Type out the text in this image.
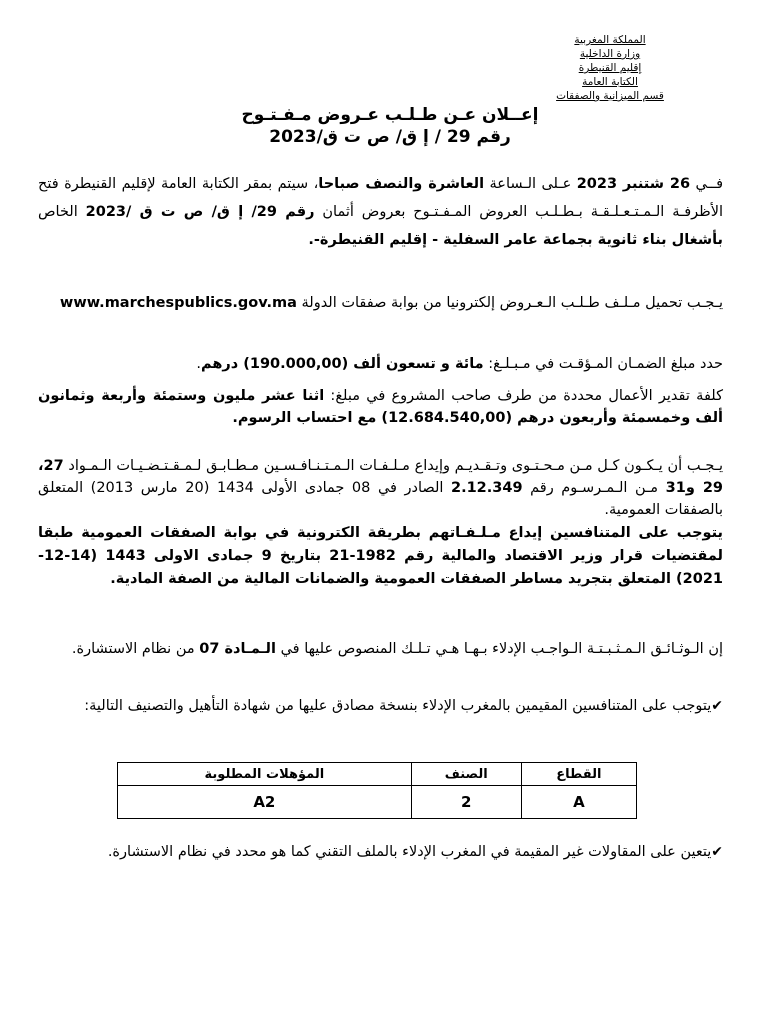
المملكة المغربية
وزارة الداخلية
إقليم القنيطرة
الكتابة العامة
قسم الميزانية والصفقات
إعــلان عـن طـلـب عـروض مـفـتـوح
رقم 29 / إ ق/ ص ت ق/2023
فــي 26 شتنبر 2023 عـلى الـساعة العاشرة والنصف صباحا، سيتم بمقر الكتابة العامة لإقليم القنيطرة فتح الأظرفـة الـمـتـعـلـقـة بـطـلـب العروض المـفـتـوح بعروض أثمان رقم 29/ إ ق/ ص ت ق /2023 الخاص بأشغال بناء ثانوية بجماعة عامر السفلية - إقليم القنيطرة-.
يـجـب تحميل مـلـف طـلـب الـعـروض إلكترونيا من بوابة صفقات الدولة www.marchespublics.gov.ma
حدد مبلغ الضمـان المـؤقـت في مـبـلـغ: مائة و تسعون ألف (190.000,00) درهم.
كلفة تقدير الأعمال محددة من طرف صاحب المشروع في مبلغ: اثنا عشر مليون وستمئة وأربعة وثمانون ألف وخمسمئة وأربعون درهم (12.684.540,00) مع احتساب الرسوم.
يـجـب أن يـكـون كـل مـن مـحـتـوى وتـقـديـم وإيداع مـلـفـات الـمـتـنـافـسـين مـطـابـق لـمـقـتـضـيـات الـمـواد 27، 29 و31 مـن الـمـرسـوم رقم 2.12.349 الصادر في 08 جمادى الأولى 1434 (20 مارس 2013) المتعلق بالصفقات العمومية.
يتوجب على المتنافسين إيداع مـلـفـاتهم بطريقة الكترونية في بوابة الصفقات العمومية طبقا لمقتضيات قرار وزير الاقتصاد والمالية رقم 1982-21 بتاريخ 9 جمادى الاولى 1443 (14-12-2021) المتعلق بتجريد مساطر الصفقات العمومية والضمانات المالية من الصفة المادية.
إن الـوثـائـق الـمـثـبـتـة الـواجـب الإدلاء بـهـا هـي تـلـك المنصوص عليها في الـمـادة 07 من نظام الاستشارة.
✔يتوجب على المتنافسين المقيمين بالمغرب الإدلاء بنسخة مصادق عليها من شهادة التأهيل والتصنيف التالية:
القطاع	الصنف	المؤهلات المطلوبة
A	2	A2
✔يتعين على المقاولات غير المقيمة في المغرب الإدلاء بالملف التقني كما هو محدد في نظام الاستشارة.
